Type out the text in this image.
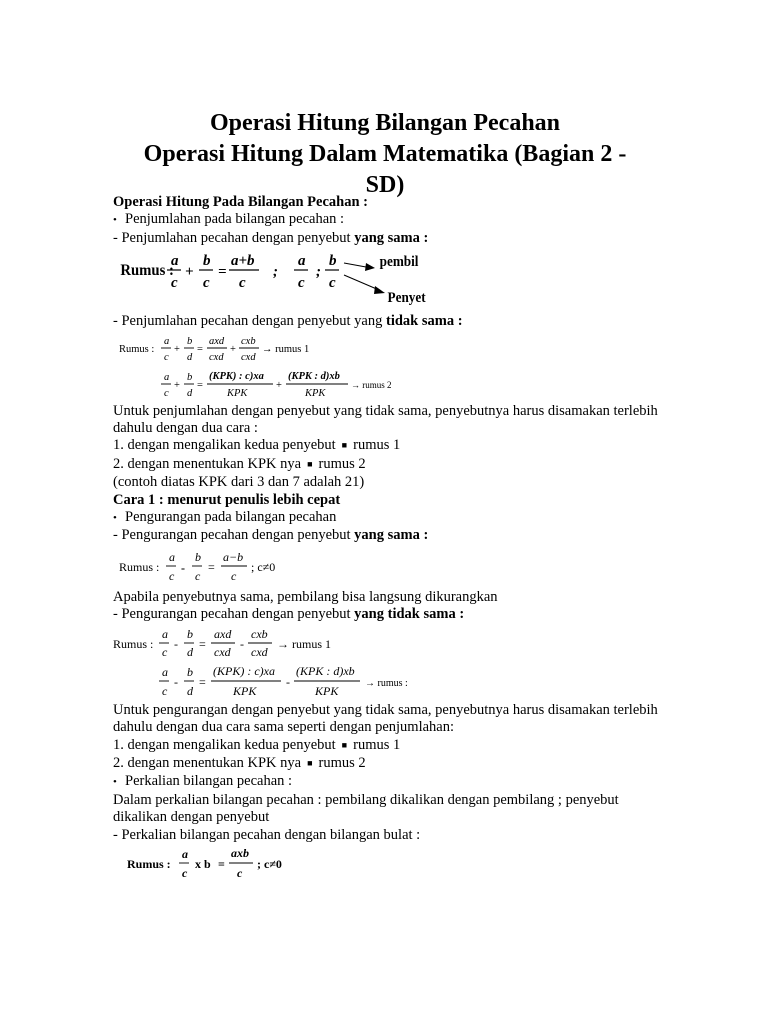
Operasi Hitung Bilangan Pecahan
Operasi Hitung Dalam Matematika (Bagian 2 -
SD)

Operasi Hitung Pada Bilangan Pecahan :

• Penjumlahan pada bilangan pecahan :

- Penjumlahan pecahan dengan penyebut yang sama :

Rumus :
a
c
+
b
c
=
a+b
c
;
a
c
;
b
c
pembil
Penyet

- Penjumlahan pecahan dengan penyebut yang tidak sama :

Rumus :
a
c
+
b
d
=
axd
cxd
+
cxb
cxd
→ rumus 1
a
c
+
b
d
=
(KPK) : c)xa
KPK
+
(KPK : d)xb
KPK
→ rumus 2

Untuk penjumlahan dengan penyebut yang tidak sama, penyebutnya harus disamakan terlebih dahulu dengan dua cara :

1. dengan mengalikan kedua penyebut ■ rumus 1

2. dengan menentukan KPK nya ■ rumus 2

(contoh diatas KPK dari 3 dan 7 adalah 21)

Cara 1 : menurut penulis lebih cepat

• Pengurangan pada bilangan pecahan

- Pengurangan pecahan dengan penyebut yang sama :

Rumus :
a
c
-
b
c
=
a−b
c
; c≠0

Apabila penyebutnya sama, pembilang bisa langsung dikurangkan

- Pengurangan pecahan dengan penyebut yang tidak sama :

Rumus :
a
c
-
b
d
=
axd
cxd
-
cxb
cxd
→ rumus 1
a
c
-
b
d
=
(KPK) : c)xa
KPK
-
(KPK : d)xb
KPK
→ rumus :

Untuk pengurangan dengan penyebut yang tidak sama, penyebutnya harus disamakan terlebih dahulu dengan dua cara sama seperti dengan penjumlahan:

1. dengan mengalikan kedua penyebut ■ rumus 1

2. dengan menentukan KPK nya ■ rumus 2

• Perkalian bilangan pecahan :

Dalam perkalian bilangan pecahan : pembilang dikalikan dengan pembilang ; penyebut dikalikan dengan penyebut

- Perkalian bilangan pecahan dengan bilangan bulat :

Rumus :
a
c
x b =
axb
c
; c≠0
